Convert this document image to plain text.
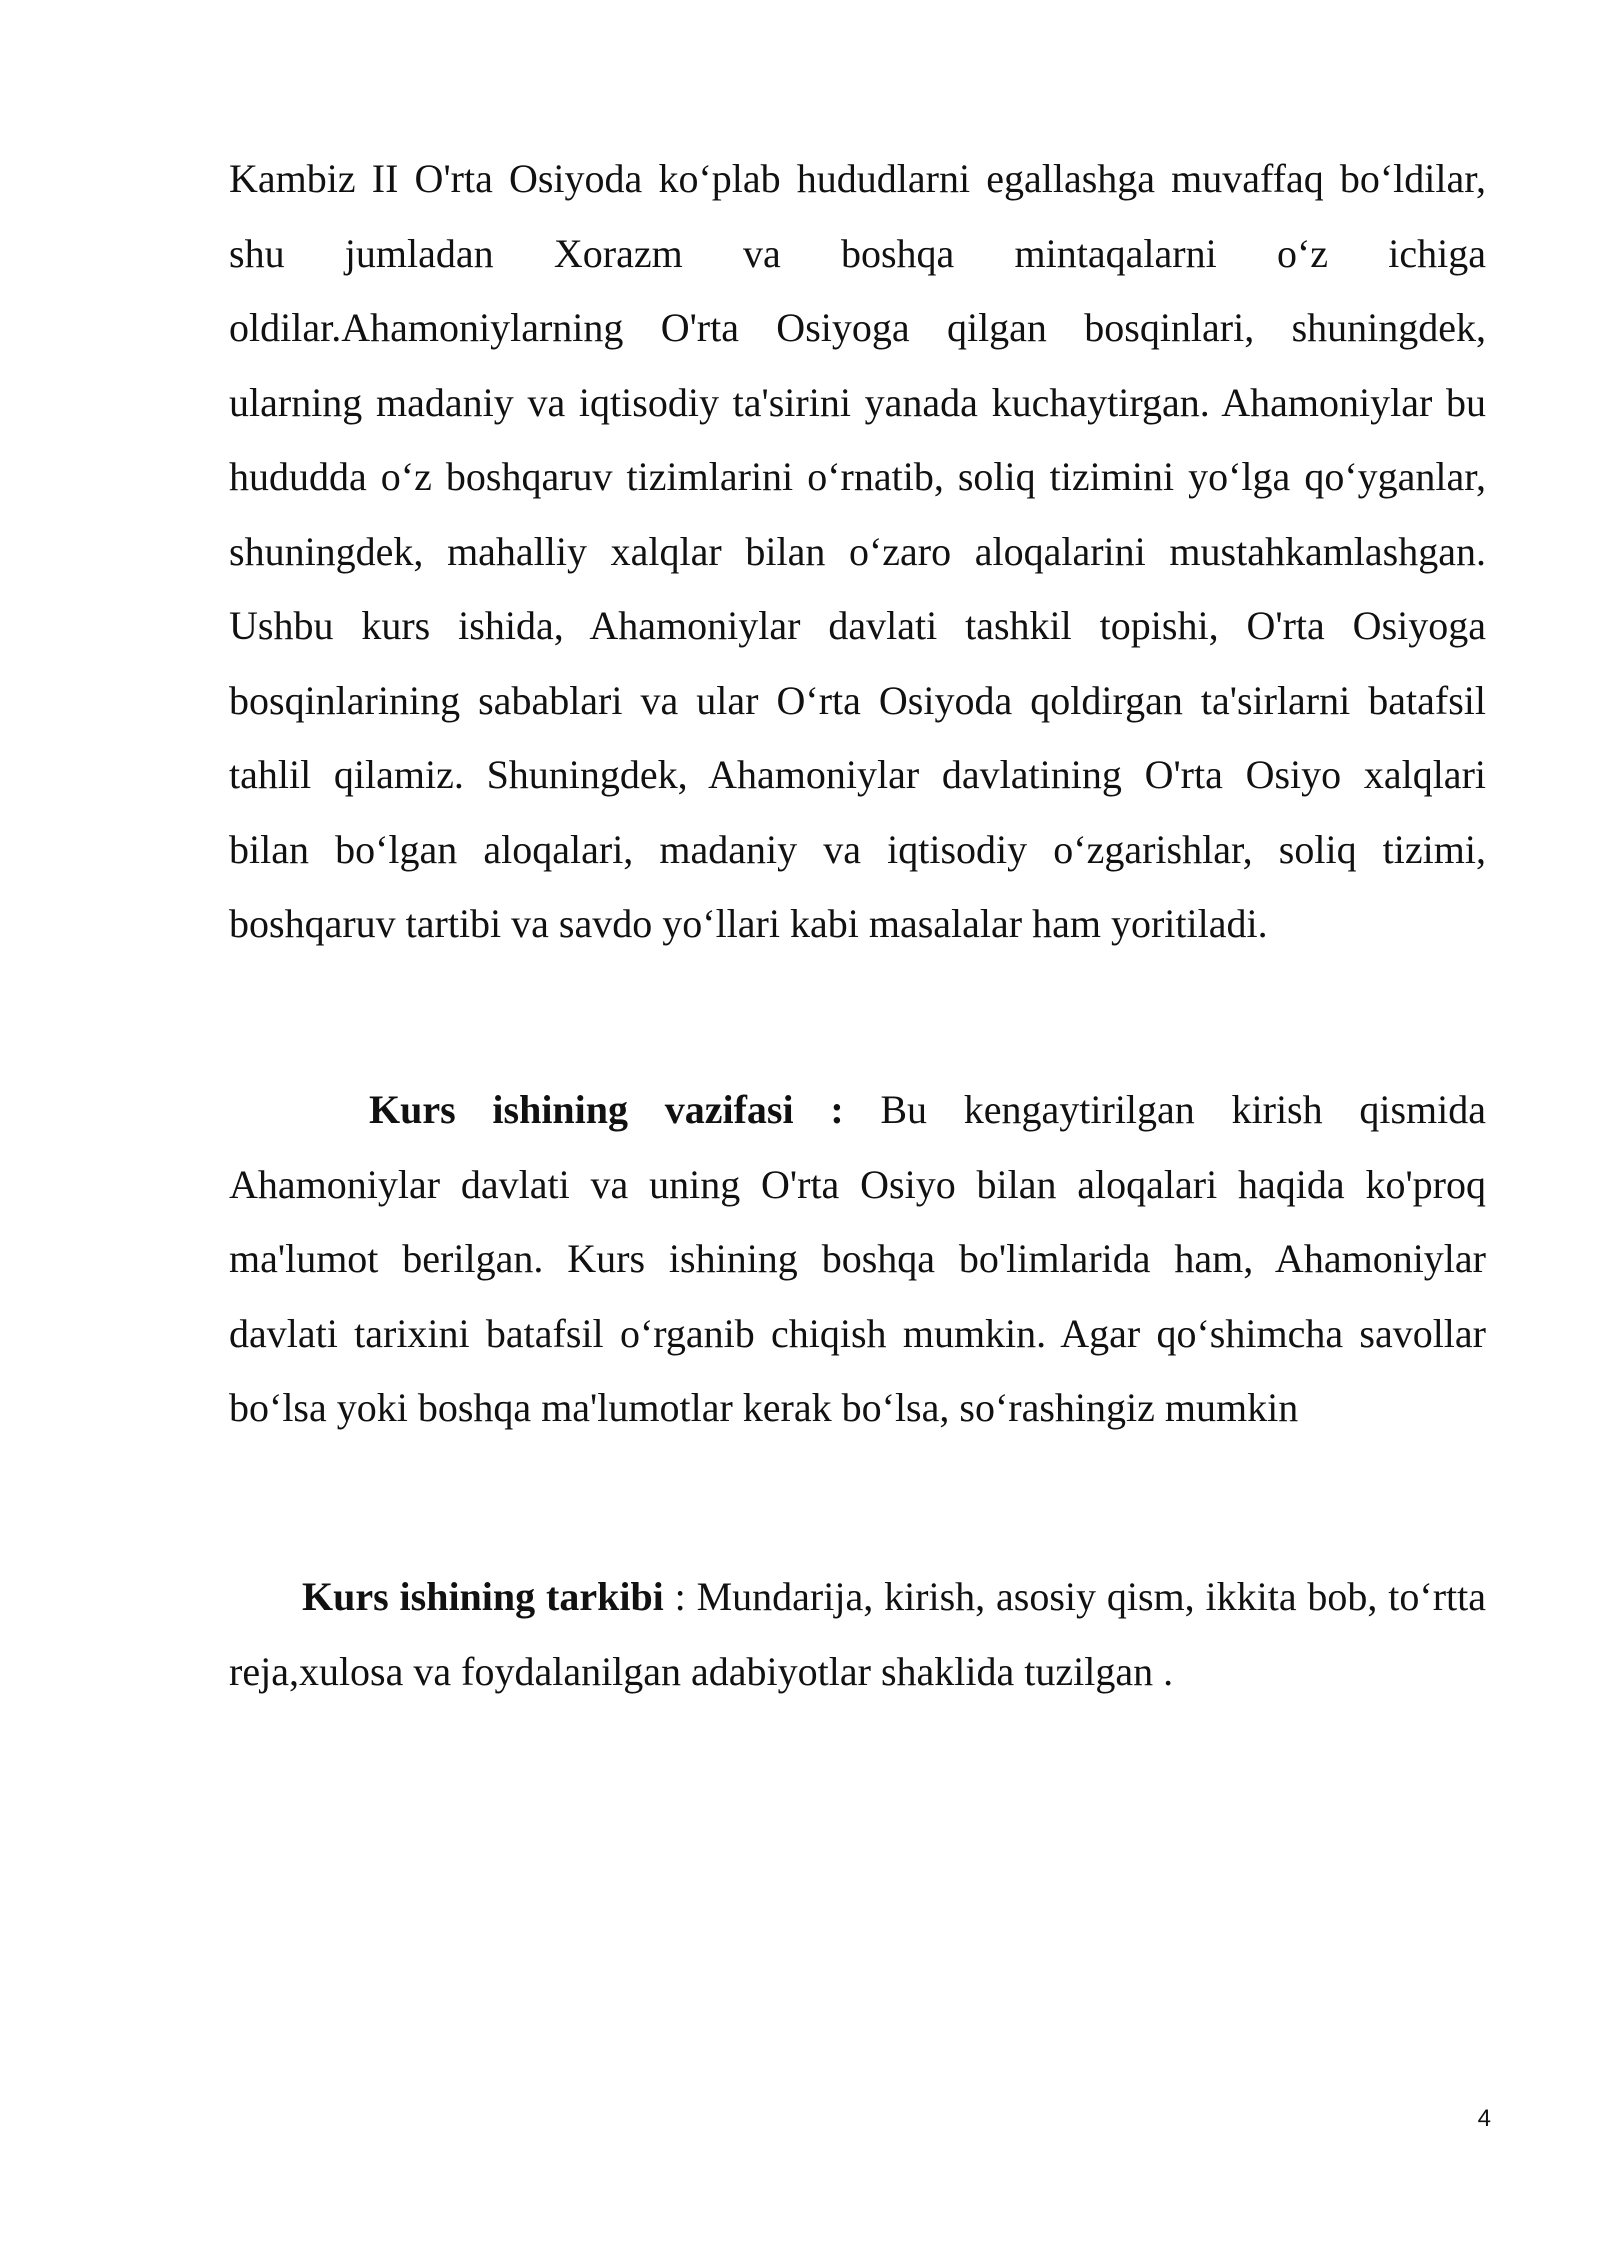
Kambiz II O'rta Osiyoda ko‘plab hududlarni egallashga muvaffaq bo‘ldilar, shu jumladan Xorazm va boshqa mintaqalarni o‘z ichiga oldilar.Ahamoniylarning O'rta Osiyoga qilgan bosqinlari, shuningdek, ularning madaniy va iqtisodiy ta'sirini yanada kuchaytirgan. Ahamoniylar bu hududda o‘z boshqaruv tizimlarini o‘rnatib, soliq tizimini yo‘lga qo‘yganlar, shuningdek, mahalliy xalqlar bilan o‘zaro aloqalarini mustahkamlashgan. Ushbu kurs ishida, Ahamoniylar davlati tashkil topishi, O'rta Osiyoga bosqinlarining sabablari va ular O‘rta Osiyoda qoldirgan ta'sirlarni batafsil tahlil qilamiz. Shuningdek, Ahamoniylar davlatining O'rta Osiyo xalqlari bilan bo‘lgan aloqalari, madaniy va iqtisodiy o‘zgarishlar, soliq tizimi, boshqaruv tartibi va savdo yo‘llari kabi masalalar ham yoritiladi.

Kurs ishining vazifasi : Bu kengaytirilgan kirish qismida Ahamoniylar davlati va uning O'rta Osiyo bilan aloqalari haqida ko'proq ma'lumot berilgan. Kurs ishining boshqa bo'limlarida ham, Ahamoniylar davlati tarixini batafsil o‘rganib chiqish mumkin. Agar qo‘shimcha savollar bo‘lsa yoki boshqa ma'lumotlar kerak bo‘lsa, so‘rashingiz mumkin

Kurs ishining tarkibi : Mundarija, kirish, asosiy qism, ikkita bob, to‘rtta reja,xulosa va foydalanilgan adabiyotlar shaklida tuzilgan .

4
